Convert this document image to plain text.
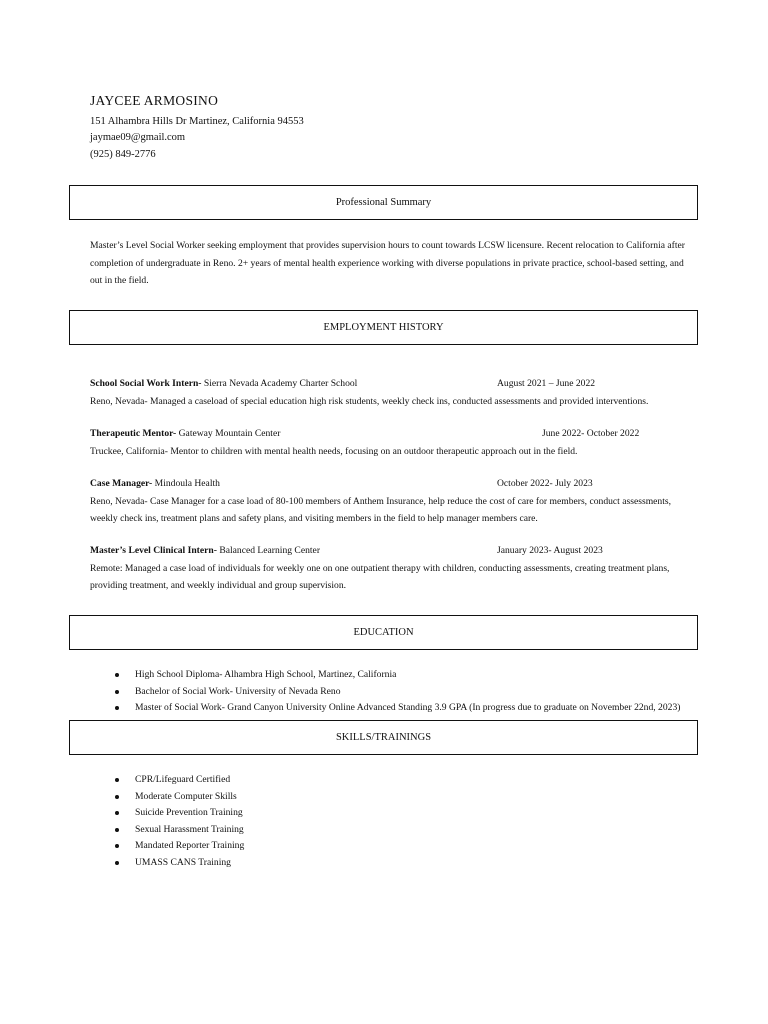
JAYCEE ARMOSINO
151 Alhambra Hills Dr Martinez, California 94553
jaymae09@gmail.com
(925) 849-2776
Professional Summary
Master’s Level Social Worker seeking employment that provides supervision hours to count towards LCSW licensure. Recent relocation to California after completion of undergraduate in Reno. 2+ years of mental health experience working with diverse populations in private practice, school-based setting, and out in the field.
EMPLOYMENT HISTORY
School Social Work Intern- Sierra Nevada Academy Charter School	August 2021 – June 2022
Reno, Nevada- Managed a caseload of special education high risk students, weekly check ins, conducted assessments and provided interventions.
Therapeutic Mentor- Gateway Mountain Center	June 2022- October 2022
Truckee, California- Mentor to children with mental health needs, focusing on an outdoor therapeutic approach out in the field.
Case Manager- Mindoula Health	October 2022- July 2023
Reno, Nevada- Case Manager for a case load of 80-100 members of Anthem Insurance, help reduce the cost of care for members, conduct assessments, weekly check ins, treatment plans and safety plans, and visiting members in the field to help manager members care.
Master’s Level Clinical Intern- Balanced Learning Center	January 2023- August 2023
Remote: Managed a case load of individuals for weekly one on one outpatient therapy with children, conducting assessments, creating treatment plans, providing treatment, and weekly individual and group supervision.
EDUCATION
High School Diploma- Alhambra High School, Martinez, California
Bachelor of Social Work- University of Nevada Reno
Master of Social Work- Grand Canyon University Online Advanced Standing 3.9 GPA (In progress due to graduate on November 22nd, 2023)
SKILLS/TRAININGS
CPR/Lifeguard Certified
Moderate Computer Skills
Suicide Prevention Training
Sexual Harassment Training
Mandated Reporter Training
UMASS CANS Training
